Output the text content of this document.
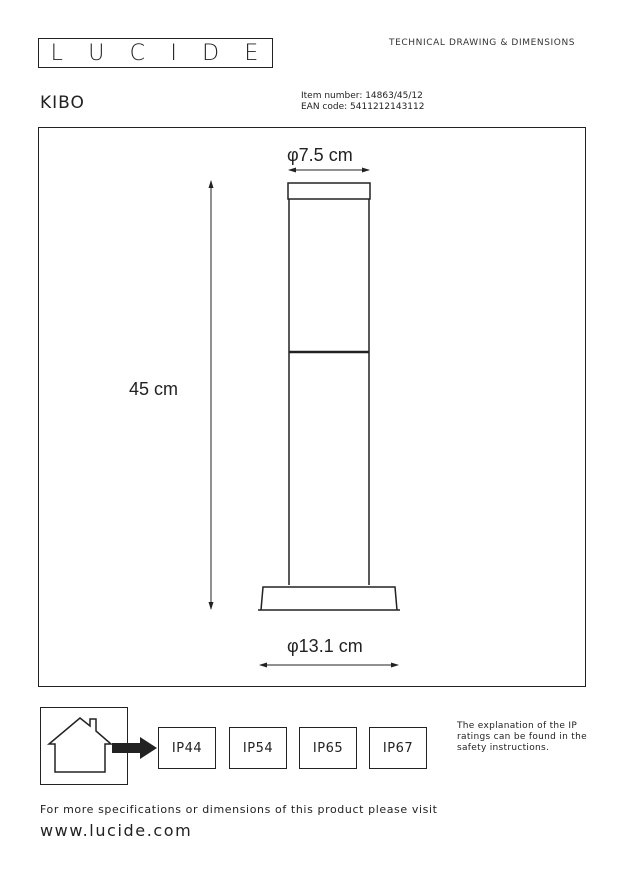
L U C I D E	TECHNICAL DRAWING & DIMENSIONS
KIBO	Item number: 14863/45/12
EAN code: 5411212143112
φ7.5 cm
45 cm
φ13.1 cm
IP44	IP54	IP65	IP67
The explanation of the IP ratings can be found in the safety instructions.
For more specifications or dimensions of this product please visit
www.lucide.com
